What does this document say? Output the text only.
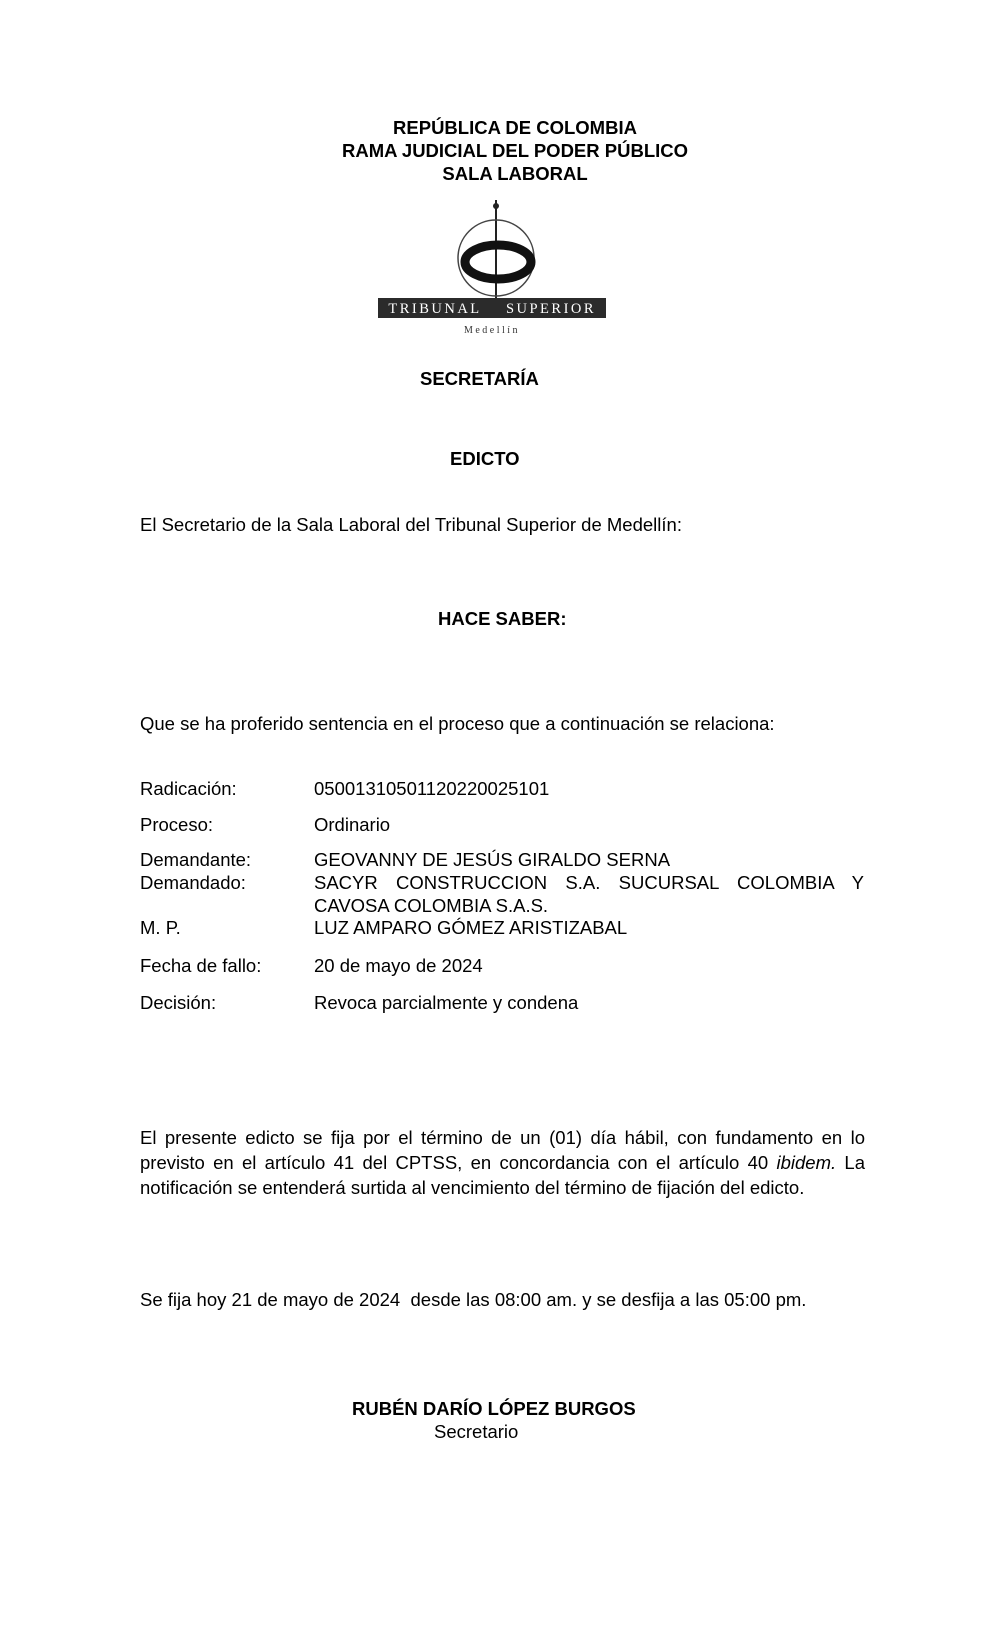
REPÚBLICA DE COLOMBIA
RAMA JUDICIAL DEL PODER PÚBLICO
SALA LABORAL
TRIBUNAL SUPERIOR
Medellín
SECRETARÍA
EDICTO
El Secretario de la Sala Laboral del Tribunal Superior de Medellín:
HACE SABER:
Que se ha proferido sentencia en el proceso que a continuación se relaciona:
Radicación:	05001310501120220025101
Proceso:	Ordinario
Demandante:	GEOVANNY DE JESÚS GIRALDO SERNA
Demandado:	SACYR CONSTRUCCION S.A. SUCURSAL COLOMBIA Y
CAVOSA COLOMBIA S.A.S.
M. P.	LUZ AMPARO GÓMEZ ARISTIZABAL
Fecha de fallo:	20 de mayo de 2024
Decisión:	Revoca parcialmente y condena
El presente edicto se fija por el término de un (01) día hábil, con fundamento en lo previsto en el artículo 41 del CPTSS, en concordancia con el artículo 40 ibidem. La notificación se entenderá surtida al vencimiento del término de fijación del edicto.
Se fija hoy 21 de mayo de 2024  desde las 08:00 am. y se desfija a las 05:00 pm.
RUBÉN DARÍO LÓPEZ BURGOS
Secretario
